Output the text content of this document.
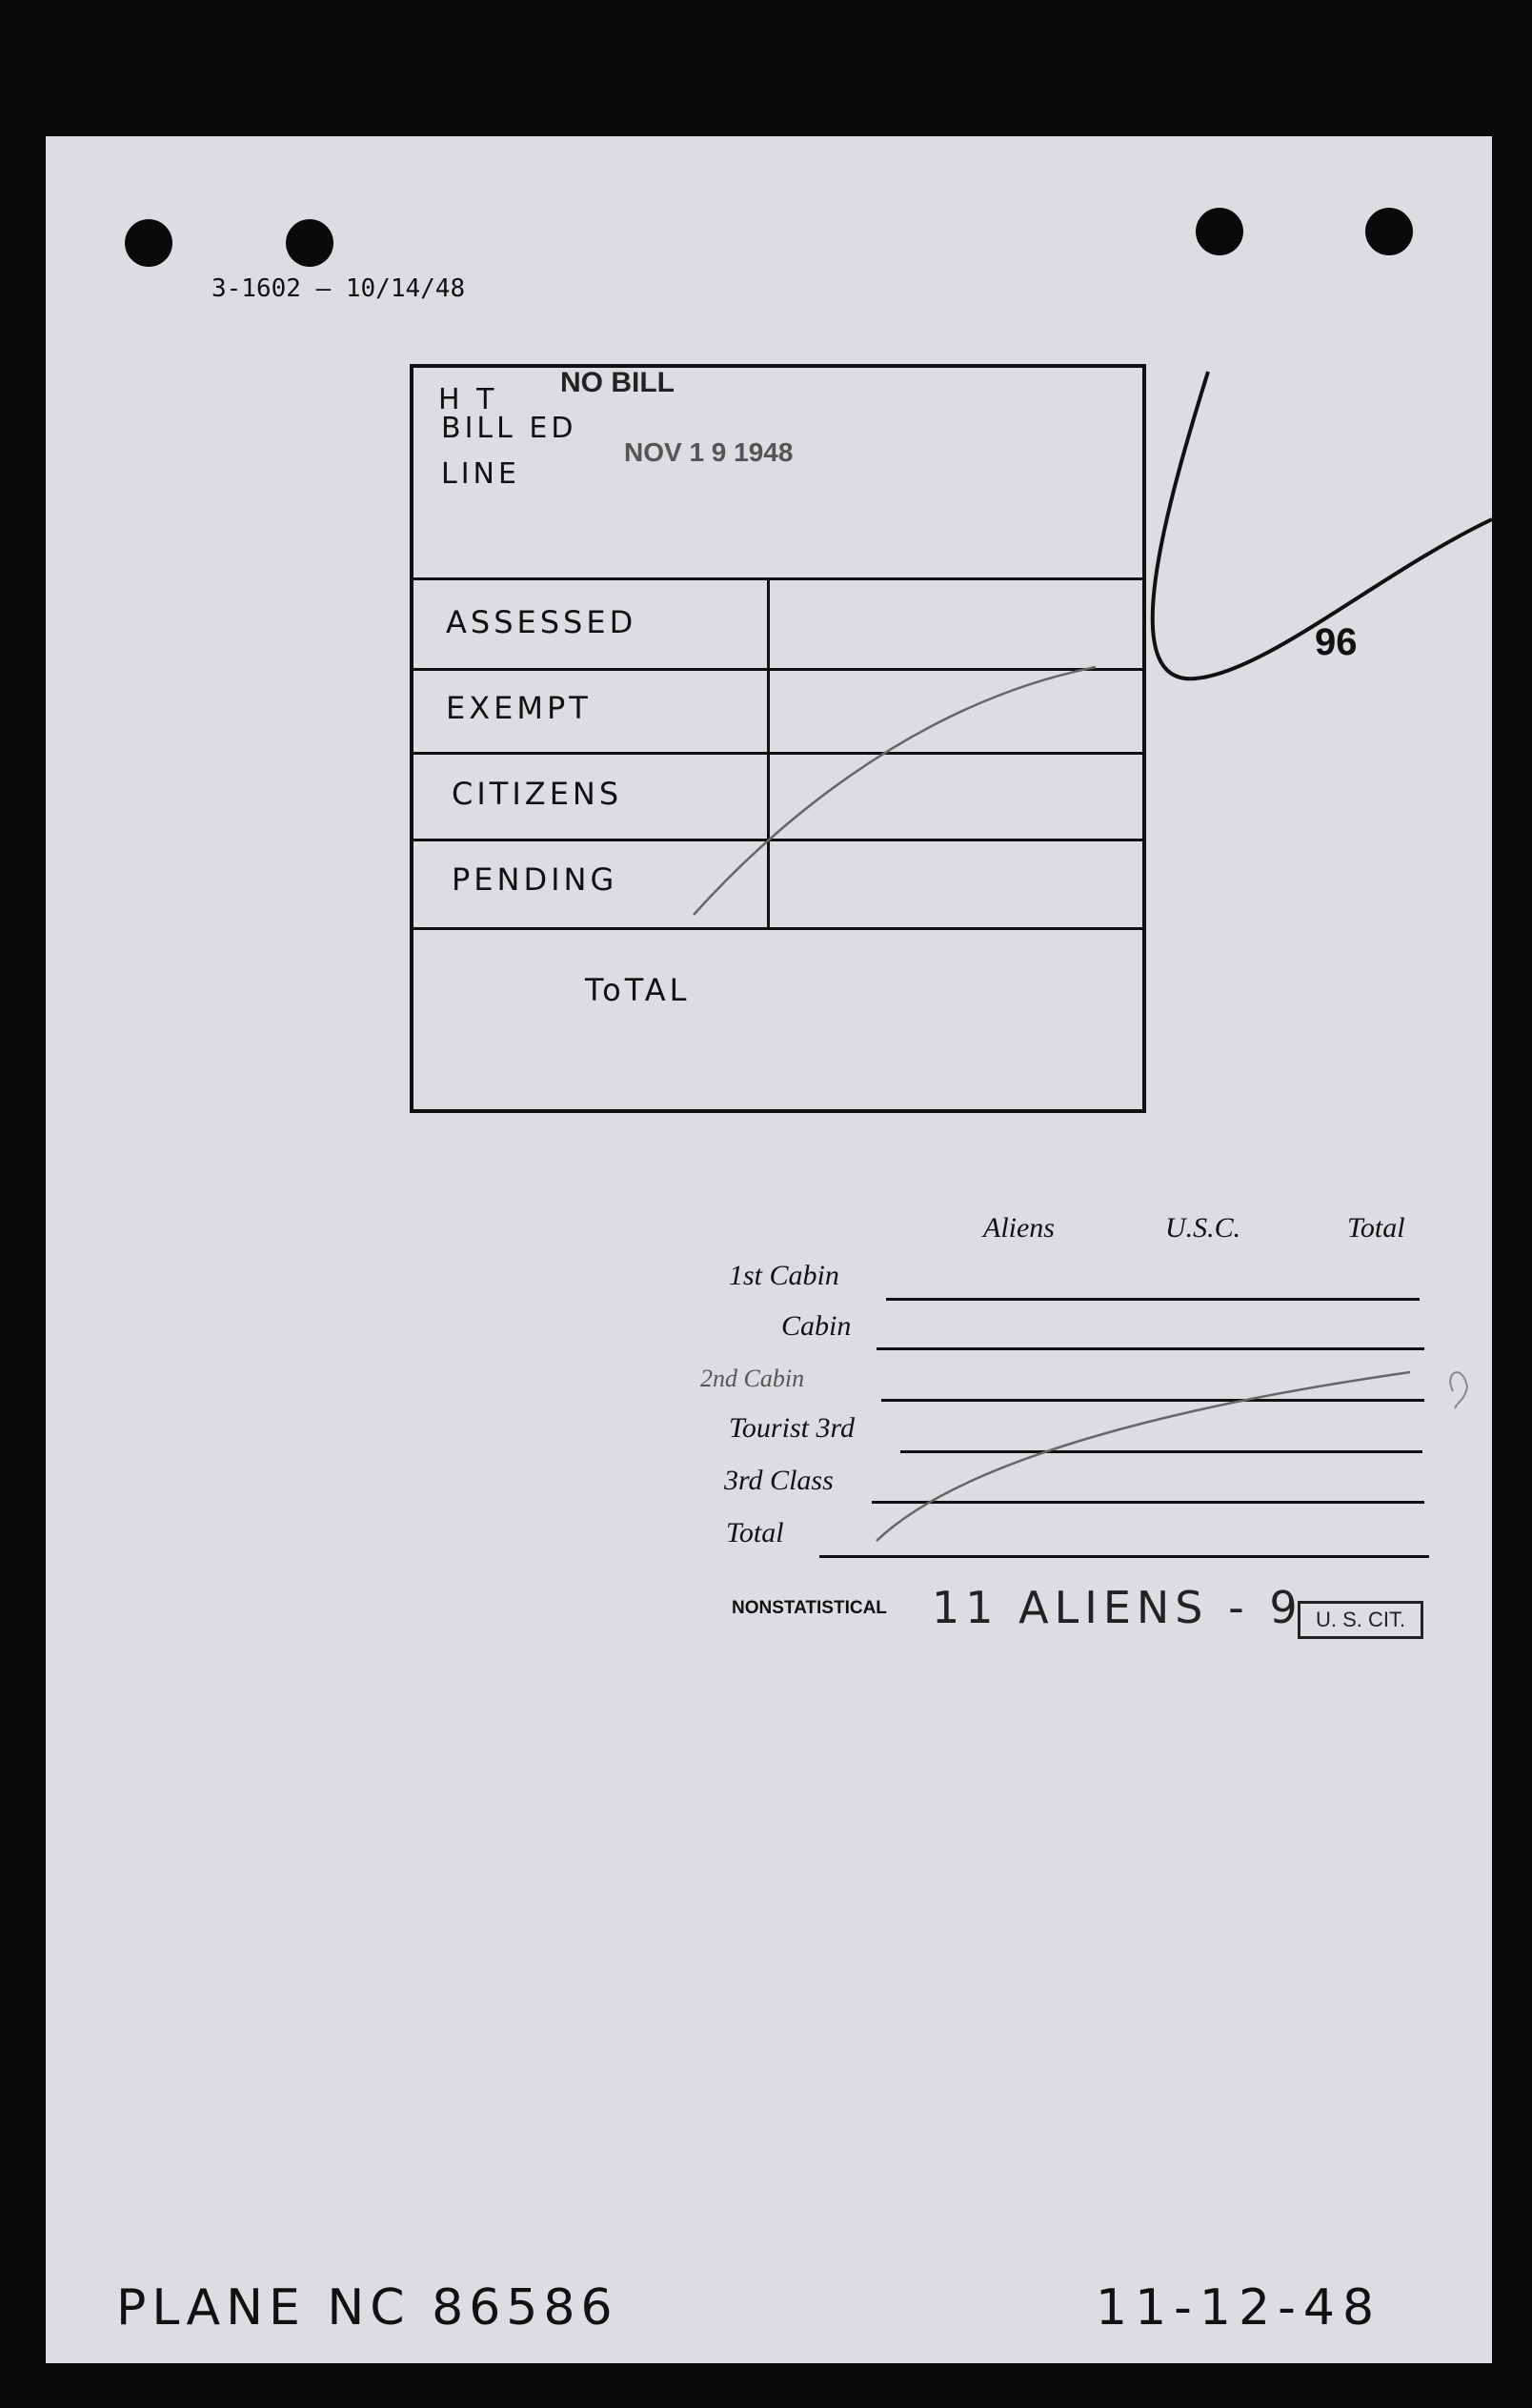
3-1602 — 10/14/48
H T
BILL ED
LINE
NO BILL
NOV 1 9 1948
ASSESSED
EXEMPT
CITIZENS
PENDING
ToTAL
96
Aliens	U.S.C.	Total
1st Cabin
Cabin
2nd Cabin
Tourist 3rd
3rd Class
Total
NONSTATISTICAL 11 ALIENS - 9 U. S. CIT.
PLANE NC 86586	11-12-48
